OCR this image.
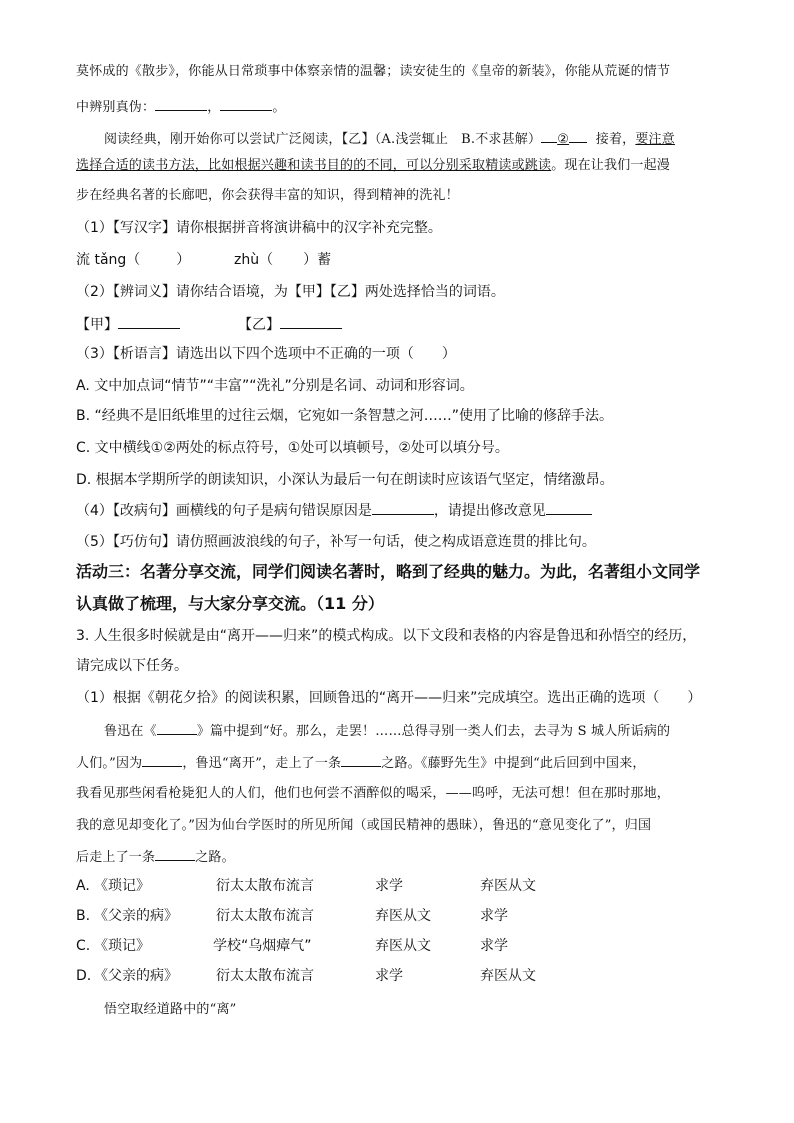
莫怀成的《散步》，你能从日常琐事中体察亲情的温馨；读安徒生的《皇帝的新装》，你能从荒诞的情节
中辨别真伪：	，	。
阅读经典，刚开始你可以尝试广泛阅读，【乙】（A.浅尝辄止 B.不求甚解） ② 接着，要注意
选择合适的读书方法，比如根据兴趣和读书目的的不同，可以分别采取精读或跳读。现在让我们一起漫
步在经典名著的长廊吧，你会获得丰富的知识，得到精神的洗礼！
（1）【写汉字】请你根据拼音将演讲稿中的汉字补充完整。
流 tǎng（	）	zhù（ ）蓄
（2）【辨词义】请你结合语境，为【甲】【乙】两处选择恰当的词语。
【甲】	【乙】
（3）【析语言】请选出以下四个选项中不正确的一项（　　）
A. 文中加点词“情节”“丰富”“洗礼”分别是名词、动词和形容词。
B. “经典不是旧纸堆里的过往云烟，它宛如一条智慧之河……”使用了比喻的修辞手法。
C. 文中横线①②两处的标点符号，①处可以填顿号，②处可以填分号。
D. 根据本学期所学的朗读知识，小深认为最后一句在朗读时应该语气坚定，情绪激昂。
（4）【改病句】画横线的句子是病句错误原因是	，请提出修改意见
（5）【巧仿句】请仿照画波浪线的句子，补写一句话，使之构成语意连贯的排比句。
活动三：名著分享交流，同学们阅读名著时，略到了经典的魅力。为此，名著组小文同学
认真做了梳理，与大家分享交流。（11 分）
3. 人生很多时候就是由“离开——归来”的模式构成。以下文段和表格的内容是鲁迅和孙悟空的经历，
请完成以下任务。
（1）根据《朝花夕拾》的阅读积累，回顾鲁迅的“离开——归来”完成填空。选出正确的选项（　　）
鲁迅在《	》篇中提到“好。那么，走罢！……总得寻别一类人们去，去寻为 S 城人所诟病的
人们。”因为	，鲁迅“离开”，走上了一条	之路。《藤野先生》中提到“此后回到中国来，
我看见那些闲看枪毙犯人的人们，他们也何尝不酒醉似的喝采，——呜呼，无法可想！但在那时那地，
我的意见却变化了。”因为仙台学医时的所见所闻（或国民精神的愚昧），鲁迅的“意见变化了”，归国
后走上了一条	之路。
A. 《琐记》	衍太太散布流言	求学	弃医从文
B. 《父亲的病》	衍太太散布流言	弃医从文	求学
C. 《琐记》	学校“乌烟瘴气”	弃医从文	求学
D. 《父亲的病》	衍太太散布流言	求学	弃医从文
悟空取经道路中的“离”
